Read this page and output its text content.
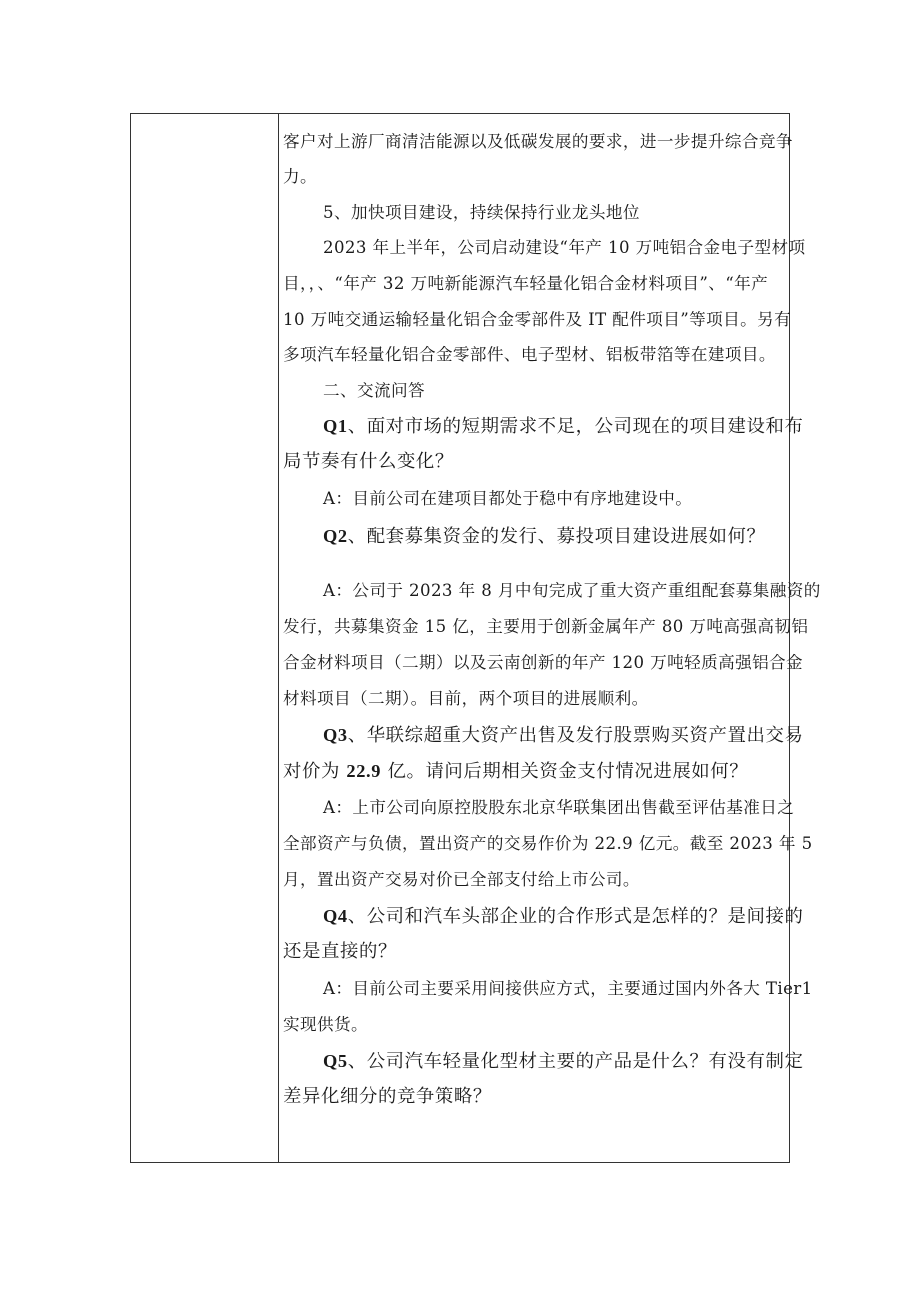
客户对上游厂商清洁能源以及低碳发展的要求，进一步提升综合竞争
力。
5、加快项目建设，持续保持行业龙头地位
2023 年上半年，公司启动建设“年产 10 万吨铝合金电子型材项
目，，、“年产 32 万吨新能源汽车轻量化铝合金材料项目”、“年产
10 万吨交通运输轻量化铝合金零部件及 IT 配件项目”等项目。另有
多项汽车轻量化铝合金零部件、电子型材、铝板带箔等在建项目。
二、交流问答
Q1、面对市场的短期需求不足，公司现在的项目建设和布
局节奏有什么变化？
A：目前公司在建项目都处于稳中有序地建设中。
Q2、配套募集资金的发行、募投项目建设进展如何？
A：公司于 2023 年 8 月中旬完成了重大资产重组配套募集融资的
发行，共募集资金 15 亿，主要用于创新金属年产 80 万吨高强高韧铝
合金材料项目（二期）以及云南创新的年产 120 万吨轻质高强铝合金
材料项目（二期）。目前，两个项目的进展顺利。
Q3、华联综超重大资产出售及发行股票购买资产置出交易
对价为 22.9 亿。请问后期相关资金支付情况进展如何？
A：上市公司向原控股股东北京华联集团出售截至评估基准日之
全部资产与负债，置出资产的交易作价为 22.9 亿元。截至 2023 年 5
月，置出资产交易对价已全部支付给上市公司。
Q4、公司和汽车头部企业的合作形式是怎样的？是间接的
还是直接的？
A：目前公司主要采用间接供应方式，主要通过国内外各大 Tier1
实现供货。
Q5、公司汽车轻量化型材主要的产品是什么？有没有制定
差异化细分的竞争策略？
